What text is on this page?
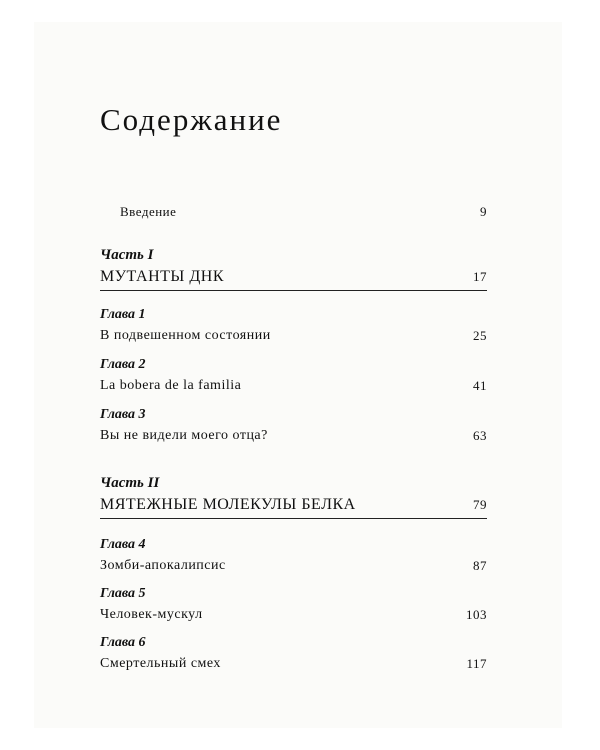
Содержание
Введение	9
Часть I
МУТАНТЫ ДНК	17
Глава 1
В подвешенном состоянии	25
Глава 2
La bobera de la familia	41
Глава 3
Вы не видели моего отца?	63
Часть II
МЯТЕЖНЫЕ МОЛЕКУЛЫ БЕЛКА	79
Глава 4
Зомби-апокалипсис	87
Глава 5
Человек-мускул	103
Глава 6
Смертельный смех	117
